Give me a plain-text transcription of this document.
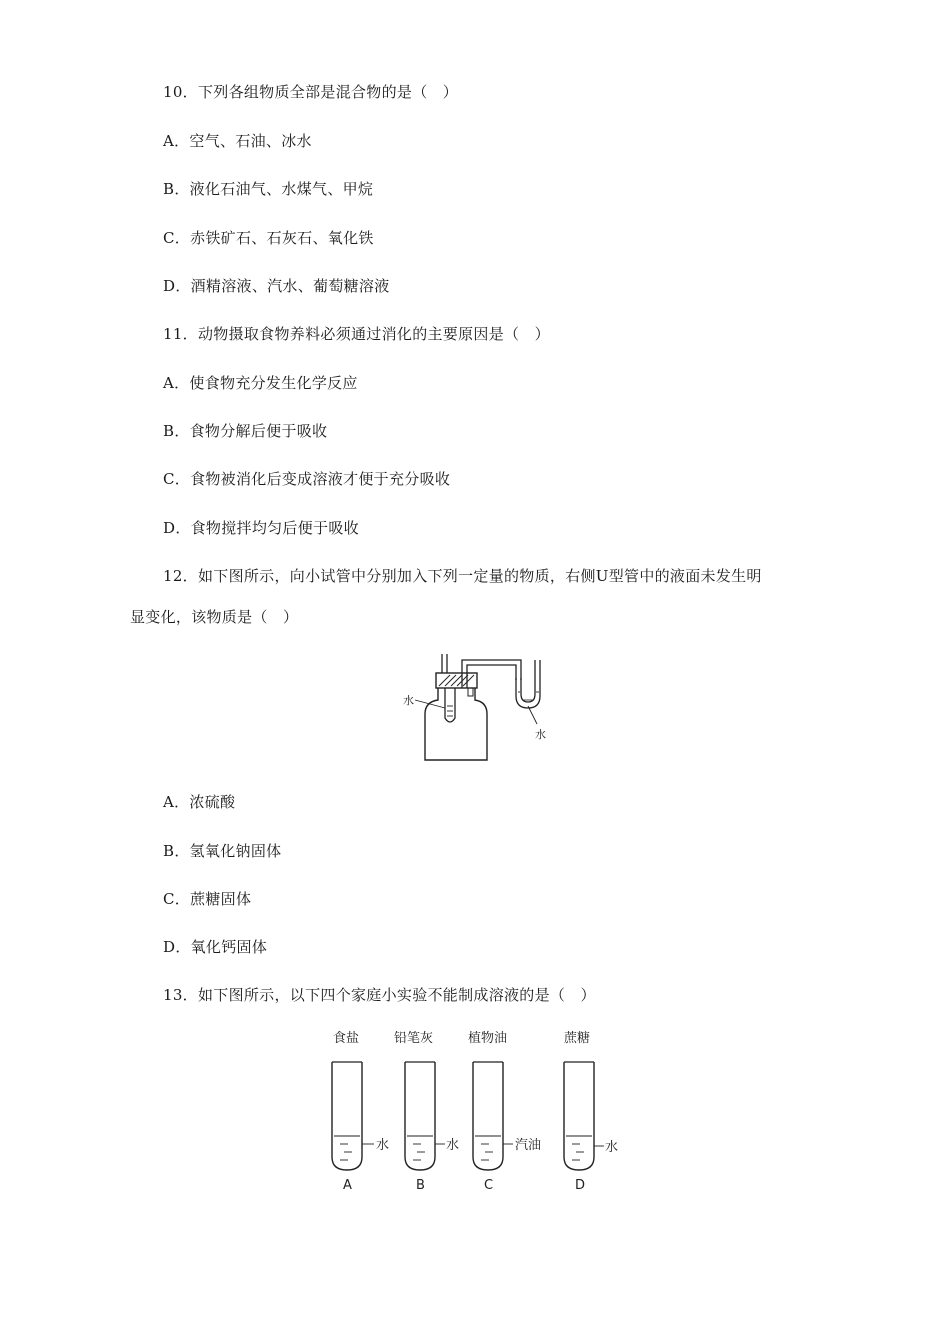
10．下列各组物质全部是混合物的是（　）
A．空气、石油、冰水
B．液化石油气、水煤气、甲烷
C．赤铁矿石、石灰石、氧化铁
D．酒精溶液、汽水、葡萄糖溶液
11．动物摄取食物养料必须通过消化的主要原因是（　）
A．使食物充分发生化学反应
B．食物分解后便于吸收
C．食物被消化后变成溶液才便于充分吸收
D．食物搅拌均匀后便于吸收
12．如下图所示，向小试管中分别加入下列一定量的物质，右侧U型管中的液面未发生明
显变化，该物质是（　）
水
水
A．浓硫酸
B．氢氧化钠固体
C．蔗糖固体
D．氧化钙固体
13．如下图所示，以下四个家庭小实验不能制成溶液的是（　）
食盐
水
A
铅笔灰
水
B
植物油
汽油
C
蔗糖
水
D
